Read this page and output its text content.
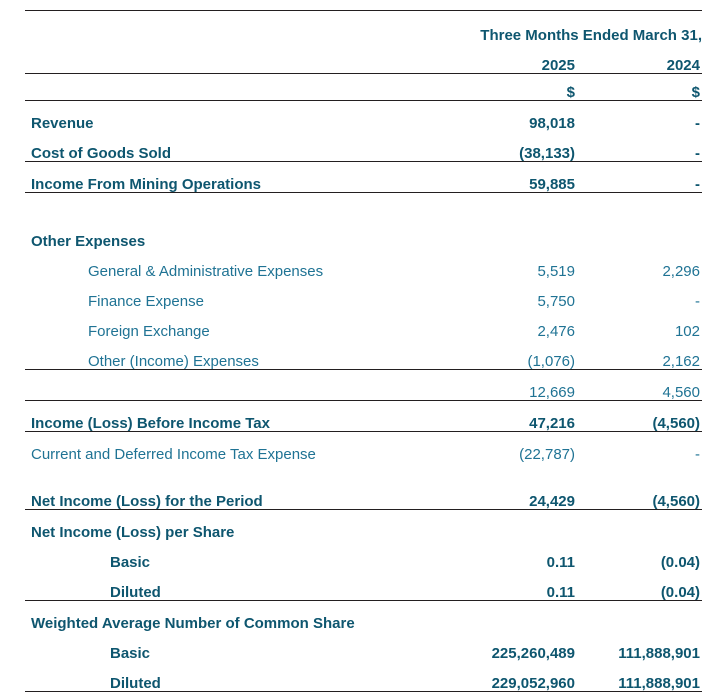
	Three Months Ended March 31,	
	2025	2024
	$	$
Revenue	98,018	-
Cost of Goods Sold	(38,133)	-
Income From Mining Operations	59,885	-

Other Expenses		
General & Administrative Expenses	5,519	2,296
Finance Expense	5,750	-
Foreign Exchange	2,476	102
Other (Income) Expenses	(1,076)	2,162
	12,669	4,560
Income (Loss) Before Income Tax	47,216	(4,560)
Current and Deferred Income Tax Expense	(22,787)	-

Net Income (Loss) for the Period	24,429	(4,560)
Net Income (Loss) per Share		
Basic	0.11	(0.04)
Diluted	0.11	(0.04)
Weighted Average Number of Common Share		
Basic	225,260,489	111,888,901
Diluted	229,052,960	111,888,901
